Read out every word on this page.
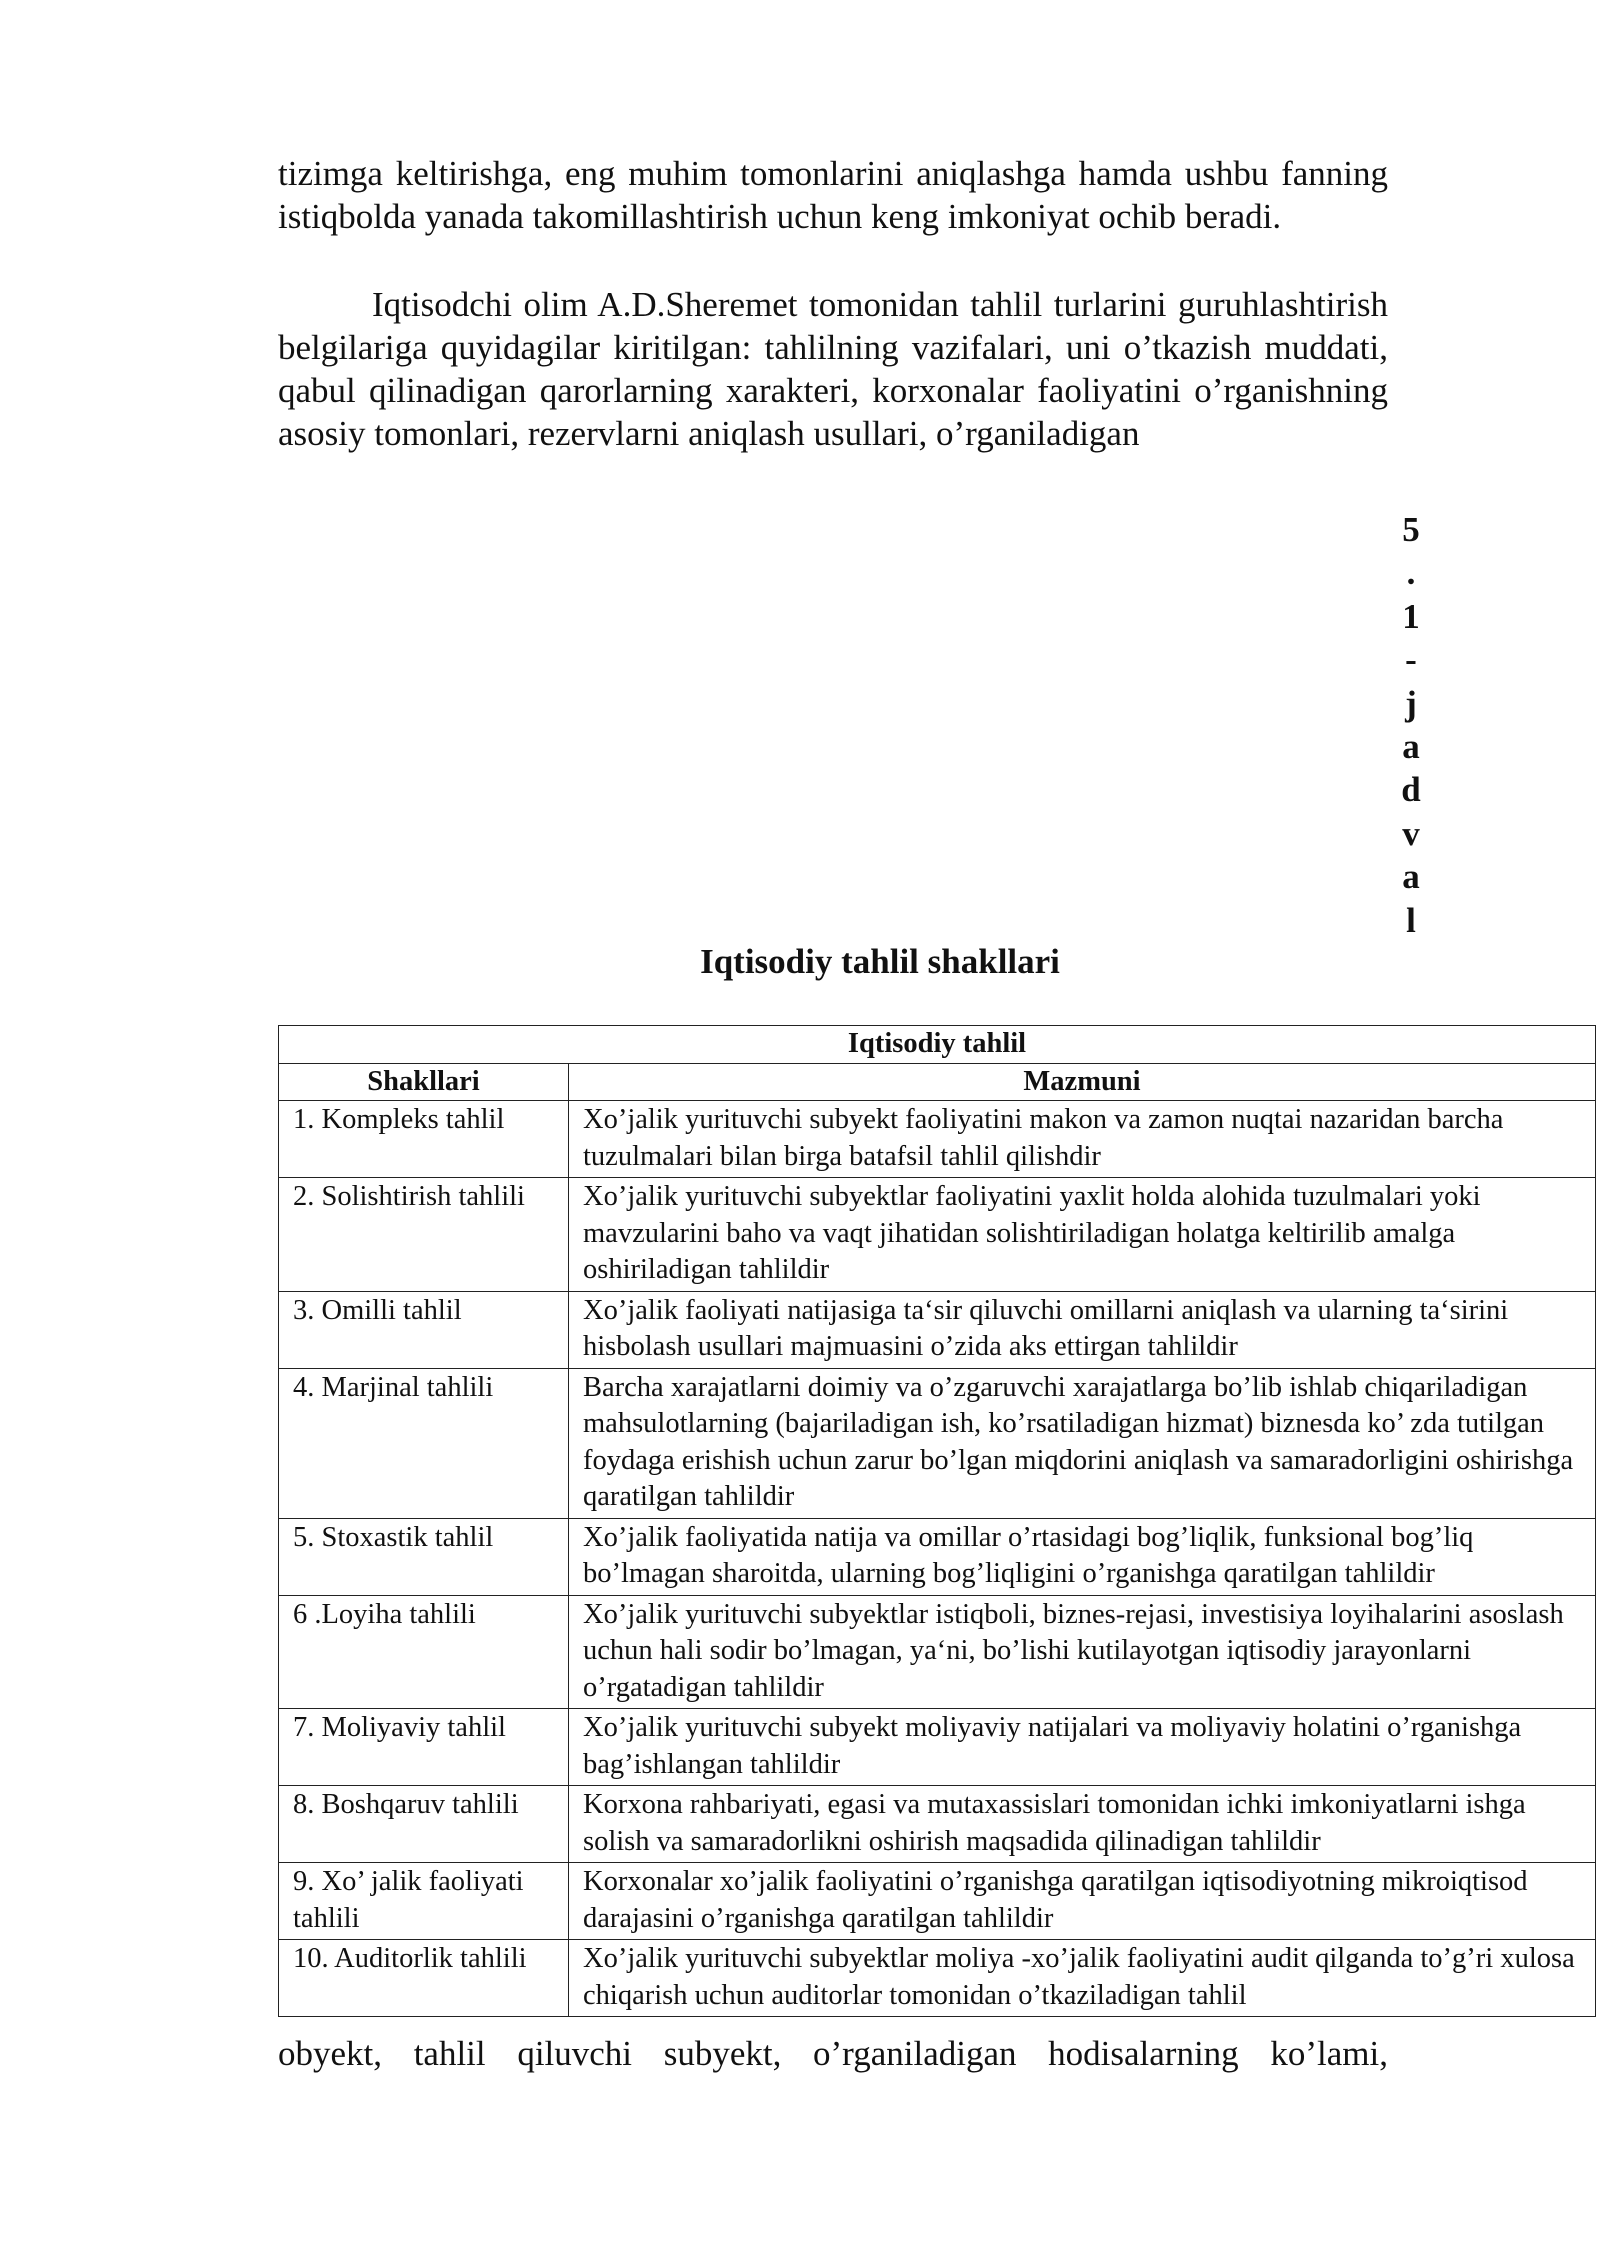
tizimga keltirishga, eng muhim tomonlarini aniqlashga hamda ushbu fanning istiqbolda yanada takomillashtirish uchun keng imkoniyat ochib beradi.

Iqtisodchi olim A.D.Sheremet tomonidan tahlil turlarini guruhlashtirish belgilariga quyidagilar kiritilgan: tahlilning vazifalari, uni o’tkazish muddati, qabul qilinadigan qarorlarning xarakteri, korxonalar faoliyatini o’rganishning asosiy tomonlari, rezervlarni aniqlash usullari, o’rganiladigan

5
.
1
-
j
a
d
v
a
l
Iqtisodiy tahlil shakllari
Iqtisodiy tahlil	
Shakllari	Mazmuni
1. Kompleks tahlil	Xo’jalik yurituvchi subyekt faoliyatini makon va zamon nuqtai nazaridan barcha tuzulmalari bilan birga batafsil tahlil qilishdir
2. Solishtirish tahlili	Xo’jalik yurituvchi subyektlar faoliyatini yaxlit holda alohida tuzulmalari yoki mavzularini baho va vaqt jihatidan solishtiriladigan holatga keltirilib amalga oshiriladigan tahlildir
3. Omilli tahlil	Xo’jalik faoliyati natijasiga ta‘sir qiluvchi omillarni aniqlash va ularning ta‘sirini hisbolash usullari majmuasini o’zida aks ettirgan tahlildir
4. Marjinal tahlili	Barcha xarajatlarni doimiy va o’zgaruvchi xarajatlarga bo’lib ishlab chiqariladigan mahsulotlarning (bajariladigan ish, ko’rsatiladigan hizmat) biznesda ko’ zda tutilgan foydaga erishish uchun zarur bo’lgan miqdorini aniqlash va samaradorligini oshirishga qaratilgan tahlildir
5. Stoxastik tahlil	Xo’jalik faoliyatida natija va omillar o’rtasidagi bog’liqlik, funksional bog’liq bo’lmagan sharoitda, ularning bog’liqligini o’rganishga qaratilgan tahlildir
6 .Loyiha tahlili	Xo’jalik yurituvchi subyektlar istiqboli, biznes-rejasi, investisiya loyihalarini asoslash uchun hali sodir bo’lmagan, ya‘ni, bo’lishi kutilayotgan iqtisodiy jarayonlarni o’rgatadigan tahlildir
7. Moliyaviy tahlil	Xo’jalik yurituvchi subyekt moliyaviy natijalari va moliyaviy holatini o’rganishga bag’ishlangan tahlildir
8. Boshqaruv tahlili	Korxona rahbariyati, egasi va mutaxassislari tomonidan ichki imkoniyatlarni ishga solish va samaradorlikni oshirish maqsadida qilinadigan tahlildir
9. Xo’ jalik faoliyati tahlili	Korxonalar xo’jalik faoliyatini o’rganishga qaratilgan iqtisodiyotning mikroiqtisod darajasini o’rganishga qaratilgan tahlildir
10. Auditorlik tahlili	Xo’jalik yurituvchi subyektlar moliya -xo’jalik faoliyatini audit qilganda to’g’ri xulosa chiqarish uchun auditorlar tomonidan o’tkaziladigan tahlil

obyekt, tahlil qiluvchi subyekt, o’rganiladigan hodisalarning ko’lami,
